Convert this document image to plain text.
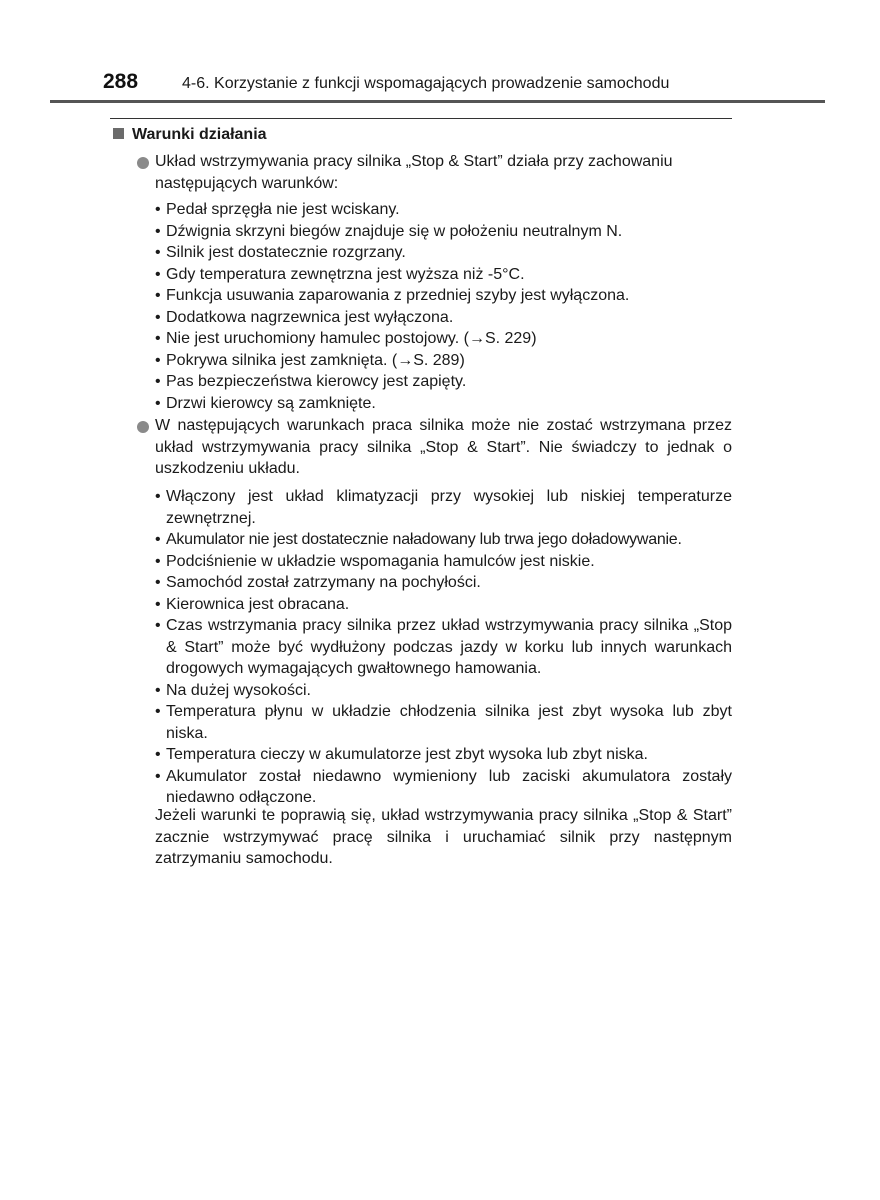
288	4-6. Korzystanie z funkcji wspomagających prowadzenie samochodu
Warunki działania
Układ wstrzymywania pracy silnika „Stop & Start” działa przy zachowaniu następujących warunków:
• Pedał sprzęgła nie jest wciskany.
• Dźwignia skrzyni biegów znajduje się w położeniu neutralnym N.
• Silnik jest dostatecznie rozgrzany.
• Gdy temperatura zewnętrzna jest wyższa niż -5°C.
• Funkcja usuwania zaparowania z przedniej szyby jest wyłączona.
• Dodatkowa nagrzewnica jest wyłączona.
• Nie jest uruchomiony hamulec postojowy. (→S. 229)
• Pokrywa silnika jest zamknięta. (→S. 289)
• Pas bezpieczeństwa kierowcy jest zapięty.
• Drzwi kierowcy są zamknięte.
W następujących warunkach praca silnika może nie zostać wstrzymana przez układ wstrzymywania pracy silnika „Stop & Start”. Nie świadczy to jednak o uszkodzeniu układu.
• Włączony jest układ klimatyzacji przy wysokiej lub niskiej temperaturze zewnętrznej.
• Akumulator nie jest dostatecznie naładowany lub trwa jego doładowywanie.
• Podciśnienie w układzie wspomagania hamulców jest niskie.
• Samochód został zatrzymany na pochyłości.
• Kierownica jest obracana.
• Czas wstrzymania pracy silnika przez układ wstrzymywania pracy silnika „Stop & Start” może być wydłużony podczas jazdy w korku lub innych warunkach drogowych wymagających gwałtownego hamowania.
• Na dużej wysokości.
• Temperatura płynu w układzie chłodzenia silnika jest zbyt wysoka lub zbyt niska.
• Temperatura cieczy w akumulatorze jest zbyt wysoka lub zbyt niska.
• Akumulator został niedawno wymieniony lub zaciski akumulatora zostały niedawno odłączone.
Jeżeli warunki te poprawią się, układ wstrzymywania pracy silnika „Stop & Start” zacznie wstrzymywać pracę silnika i uruchamiać silnik przy następnym zatrzymaniu samochodu.
